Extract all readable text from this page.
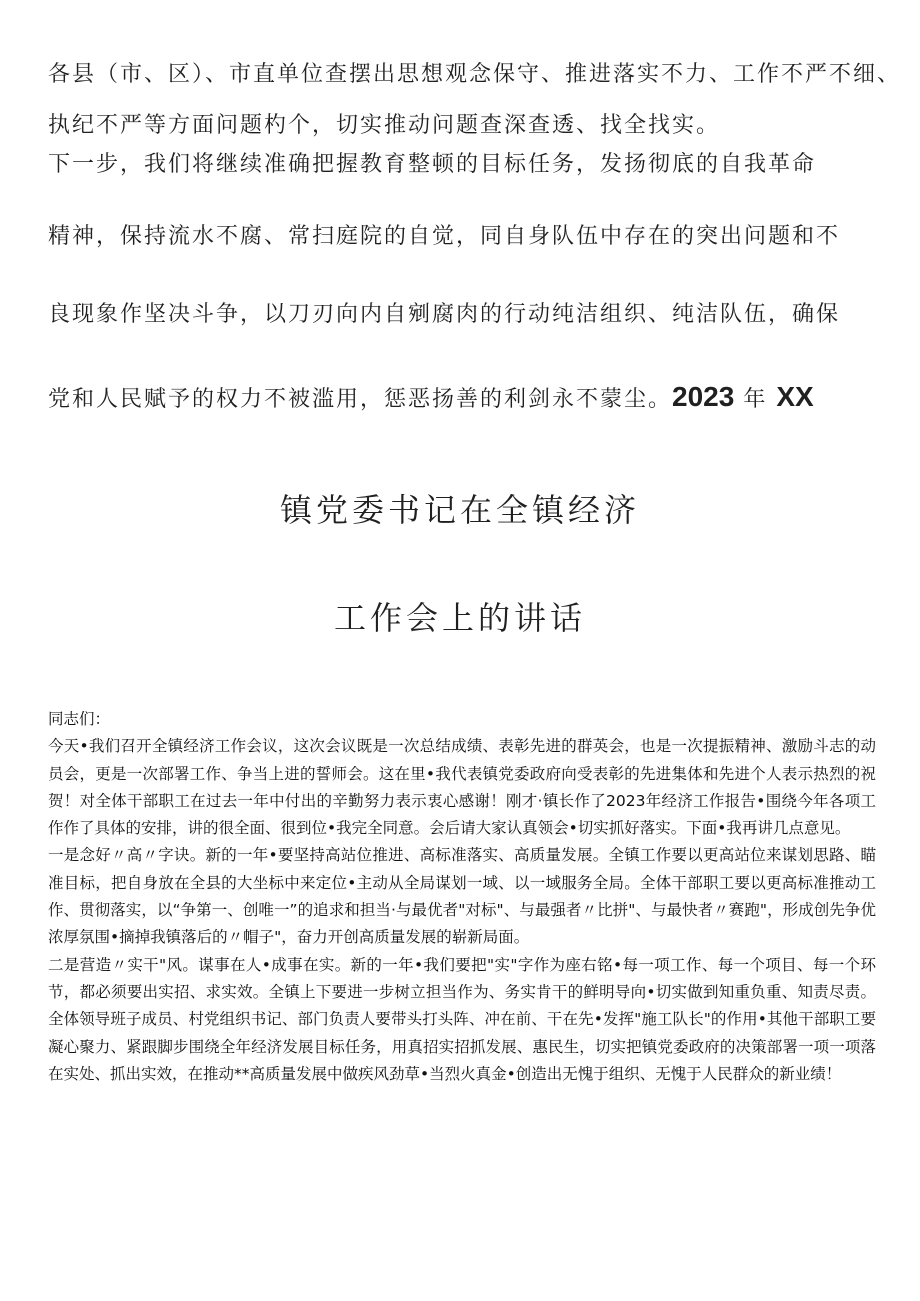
各县（市、区）、市直单位查摆出思想观念保守、推进落实不力、工作不严不细、
执纪不严等方面问题杓个，切实推动问题查深查透、找全找实。
下一步，我们将继续准确把握教育整顿的目标任务，发扬彻底的自我革命
精神，保持流水不腐、常扫庭院的自觉，同自身队伍中存在的突出问题和不
良现象作坚决斗争，以刀刃向内自剜腐肉的行动纯洁组织、纯洁队伍，确保
党和人民赋予的权力不被滥用，惩恶扬善的利剑永不蒙尘。2023 年 XX
镇党委书记在全镇经济
工作会上的讲话

同志们：

今天•我们召开全镇经济工作会议，这次会议既是一次总结成绩、表彰先进的群英会，也是一次提振精神、激励斗志的动员会，更是一次部署工作、争当上进的誓师会。这在里•我代表镇党委政府向受表彰的先进集体和先进个人表示热烈的祝贺！对全体干部职工在过去一年中付出的辛勤努力表示衷心感谢！刚才·镇长作了2023年经济工作报告•围绕今年各项工作作了具体的安排，讲的很全面、很到位•我完全同意。会后请大家认真领会•切实抓好落实。下面•我再讲几点意见。

一是念好〃高〃字诀。新的一年•要坚持高站位推进、高标准落实、高质量发展。全镇工作要以更高站位来谋划思路、瞄准目标，把自身放在全县的大坐标中来定位•主动从全局谋划一域、以一域服务全局。全体干部职工要以更高标准推动工作、贯彻落实，以“争第一、创唯一”的追求和担当·与最优者"对标"、与最强者〃比拼"、与最快者〃赛跑"，形成创先争优浓厚氛围•摘掉我镇落后的〃帽子"，奋力开创高质量发展的崭新局面。

二是营造〃实干"风。谋事在人•成事在实。新的一年•我们要把"实"字作为座右铭•每一项工作、每一个项目、每一个环节，都必须要出实招、求实效。全镇上下要进一步树立担当作为、务实肯干的鲜明导向•切实做到知重负重、知责尽责。全体领导班子成员、村党组织书记、部门负责人要带头打头阵、冲在前、干在先•发挥"施工队长"的作用•其他干部职工要凝心聚力、紧跟脚步围绕全年经济发展目标任务，用真招实招抓发展、惠民生，切实把镇党委政府的决策部署一项一项落在实处、抓出实效，在推动**高质量发展中做疾风劲草•当烈火真金•创造出无愧于组织、无愧于人民群众的新业绩！
